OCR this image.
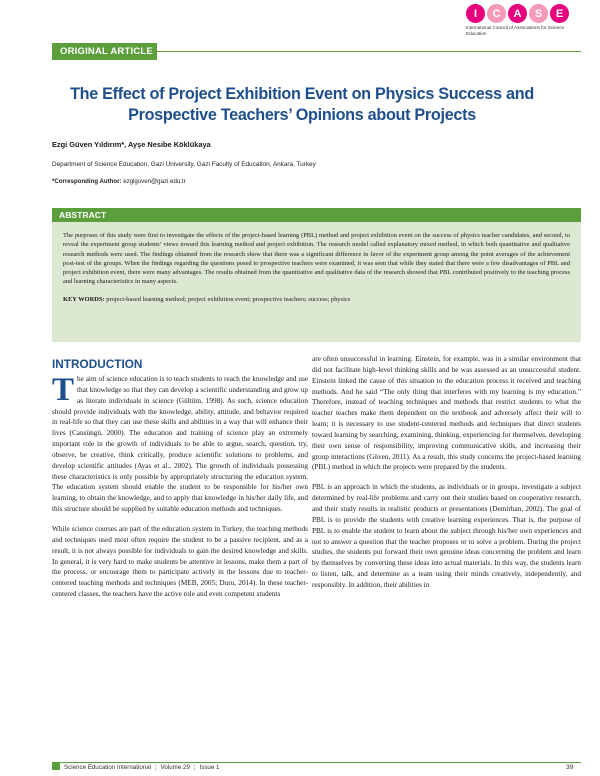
I	C	A	S	E
International Council of Associations for Science Education
ORIGINAL ARTICLE
The Effect of Project Exhibition Event on Physics Success and Prospective Teachers’ Opinions about Projects
Ezgi Güven Yıldırım*, Ayşe Nesibe Köklükaya
Department of Science Education, Gazi University, Gazi Faculty of Education, Ankara, Turkey
*Corresponding Author: ezgiguven@gazi.edu.tr
ABSTRACT

The purposes of this study were first to investigate the effects of the project-based learning (PBL) method and project exhibition event on the success of physics teacher candidates, and second, to reveal the experiment group students’ views toward this learning method and project exhibition. The research model called explanatory mixed method, in which both quantitative and qualitative research methods were used. The findings obtained from the research show that there was a significant difference in favor of the experiment group among the point averages of the achievement post-test of the groups. When the findings regarding the questions posed to prospective teachers were examined, it was seen that while they stated that there were a few disadvantages of PBL and project exhibition event, there were many advantages. The results obtained from the quantitative and qualitative data of the research showed that PBL contributed positively to the teaching process and learning characteristics in many aspects.

KEY WORDS: project-based learning method; project exhibition event; prospective teachers; success; physics

INTRODUCTION

The aim of science education is to teach students to reach the knowledge and use that knowledge so that they can develop a scientific understanding and grow up as literate individuals in science (Gültüm, 1998). As such, science education should provide individuals with the knowledge, ability, attitude, and behavior required in real-life so that they can use these skills and abilities in a way that will enhance their lives (Cansüngü, 2000). The education and training of science play an extremely important role in the growth of individuals to be able to argue, search, question, try, observe, be creative, think critically, produce scientific solutions to problems, and develop scientific attitudes (Ayas et al., 2002). The growth of individuals possessing these characteristics is only possible by appropriately structuring the education system. The education system should enable the student to be responsible for his/her own learning, to obtain the knowledge, and to apply that knowledge in his/her daily life, and this structure should be supplied by suitable education methods and techniques.

While science courses are part of the education system in Turkey, the teaching methods and techniques used most often require the student to be a passive recipient, and as a result, it is not always possible for individuals to gain the desired knowledge and skills. In general, it is very hard to make students be attentive in lessons, make them a part of the process, or encourage them to participate actively in the lessons due to teacher-centered teaching methods and techniques (MEB, 2005; Duru, 2014). In these teacher-centered classes, the teachers have the active role and even competent students

are often unsuccessful in learning. Einstein, for example, was in a similar environment that did not facilitate high-level thinking skills and he was assessed as an unsuccessful student. Einstein linked the cause of this situation to the education process it received and teaching methods. And he said “The only thing that interferes with my learning is my education.” Therefore, instead of teaching techniques and methods that restrict students to what the teacher teaches make them dependent on the textbook and adversely affect their will to learn; it is necessary to use student-centered methods and techniques that direct students toward learning by searching, examining, thinking, experiencing for themselves, developing their own sense of responsibility, improving communicative skills, and increasing their group interactions (Güven, 2011). As a result, this study concerns the project-based learning (PBL) method in which the projects were prepared by the students.

PBL is an approach in which the students, as individuals or in groups, investigate a subject determined by real-life problems and carry out their studies based on cooperative research, and their study results in realistic products or presentations (Demirhan, 2002). The goal of PBL is to provide the students with creative learning experiences. That is, the purpose of PBL is to enable the student to learn about the subject through his/her own experiences and not to answer a question that the teacher proposes or to solve a problem. During the project studies, the students put forward their own genuine ideas concerning the problem and learn by themselves by converting these ideas into actual materials. In this way, the students learn to listen, talk, and determine as a team using their minds creatively, independently, and responsibly. In addition, their abilities in

Science Education International ¦ Volume 29 ¦ Issue 1	39
